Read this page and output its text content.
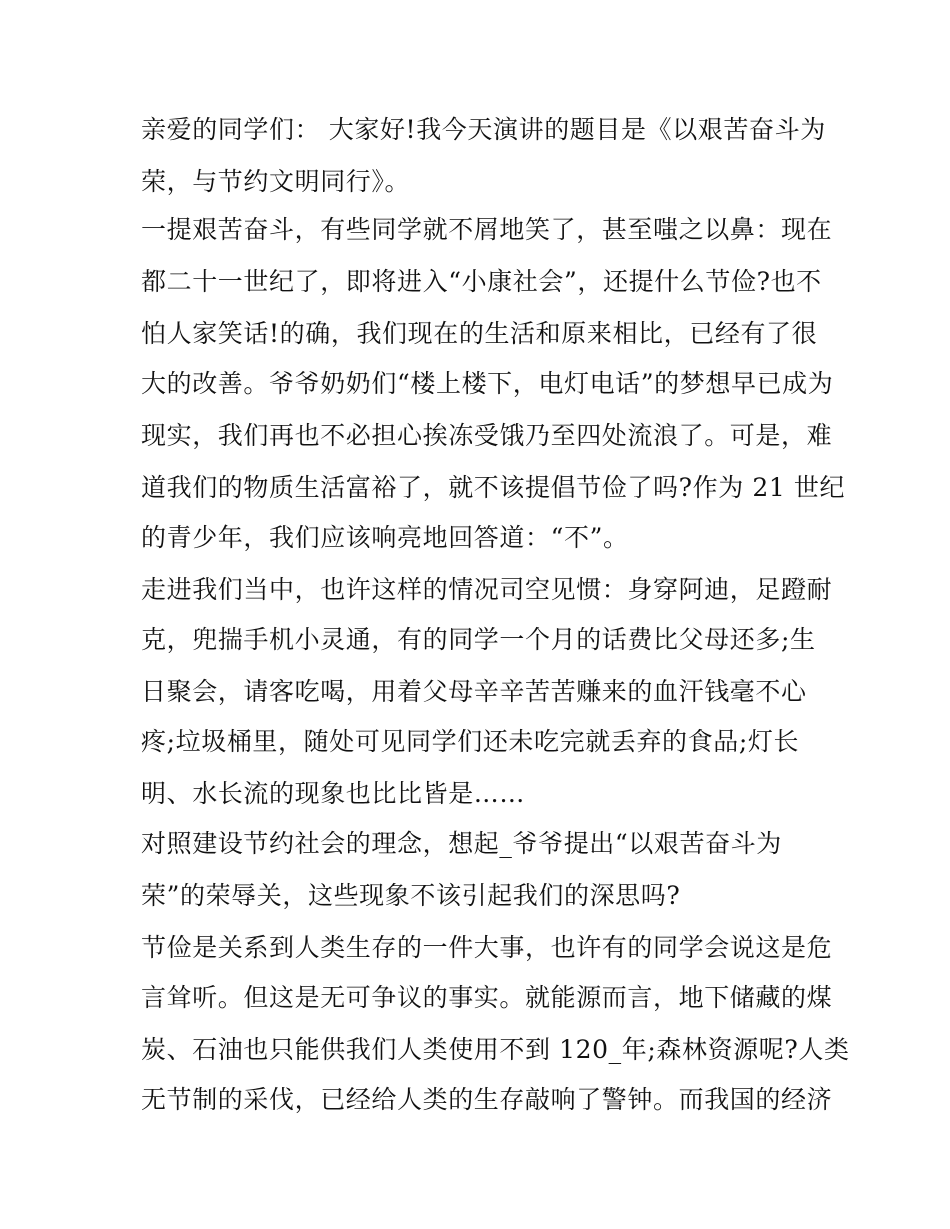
亲爱的同学们： 大家好!我今天演讲的题目是《以艰苦奋斗为
荣，与节约文明同行》。
一提艰苦奋斗，有些同学就不屑地笑了，甚至嗤之以鼻：现在
都二十一世纪了，即将进入“小康社会”，还提什么节俭?也不
怕人家笑话!的确，我们现在的生活和原来相比，已经有了很
大的改善。爷爷奶奶们“楼上楼下，电灯电话”的梦想早已成为
现实，我们再也不必担心挨冻受饿乃至四处流浪了。可是，难
道我们的物质生活富裕了，就不该提倡节俭了吗?作为 21 世纪
的青少年，我们应该响亮地回答道：“不”。
走进我们当中，也许这样的情况司空见惯：身穿阿迪，足蹬耐
克，兜揣手机小灵通，有的同学一个月的话费比父母还多;生
日聚会，请客吃喝，用着父母辛辛苦苦赚来的血汗钱毫不心
疼;垃圾桶里，随处可见同学们还未吃完就丢弃的食品;灯长
明、水长流的现象也比比皆是……
对照建设节约社会的理念，想起_爷爷提出“以艰苦奋斗为
荣”的荣辱关，这些现象不该引起我们的深思吗?
节俭是关系到人类生存的一件大事，也许有的同学会说这是危
言耸听。但这是无可争议的事实。就能源而言，地下储藏的煤
炭、石油也只能供我们人类使用不到 120_年;森林资源呢?人类
无节制的采伐，已经给人类的生存敲响了警钟。而我国的经济
